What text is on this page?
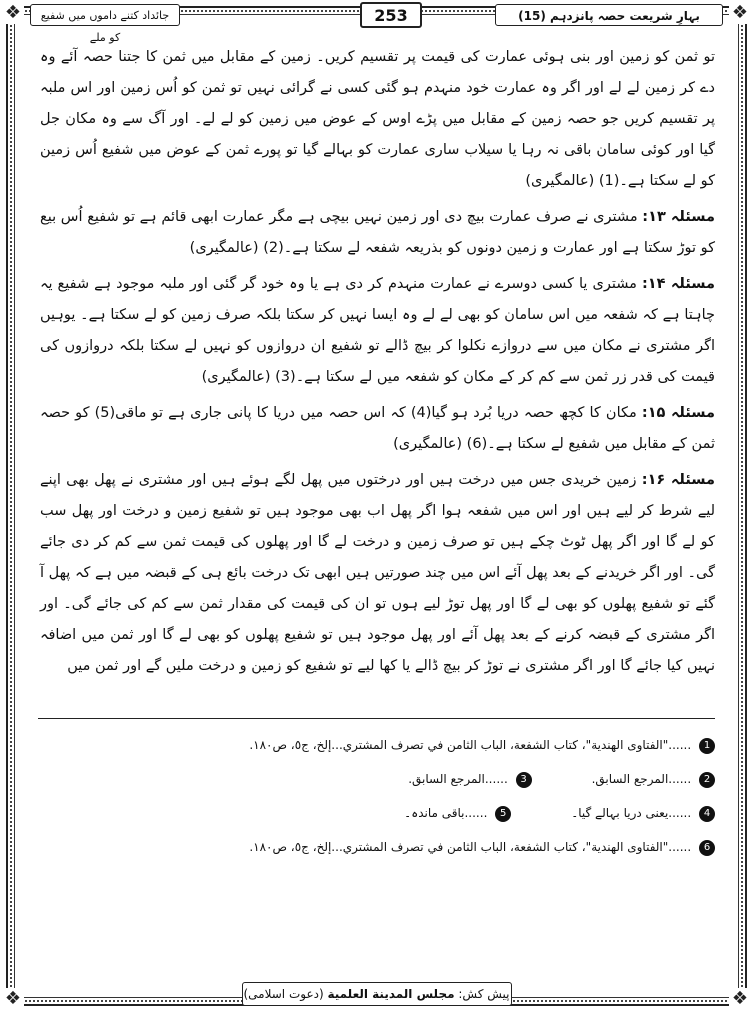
❖	❖
❖	❖
بہارِ شریعت حصہ پانزدہم (15)
253
جائداد کتنے داموں میں شفیع کو ملے

تو ثمن کو زمین اور بنی ہوئی عمارت کی قیمت پر تقسیم کریں۔ زمین کے مقابل میں ثمن کا جتنا حصہ آئے وہ دے کر زمین لے لے اور اگر وہ عمارت خود منہدم ہو گئی کسی نے گرائی نہیں تو ثمن کو اُس زمین اور اس ملبہ پر تقسیم کریں جو حصہ زمین کے مقابل میں پڑے اوس کے عوض میں زمین کو لے لے۔ اور آگ سے وہ مکان جل گیا اور کوئی سامان باقی نہ رہا یا سیلاب ساری عمارت کو بہالے گیا تو پورے ثمن کے عوض میں شفیع اُس زمین کو لے سکتا ہے۔(1) (عالمگیری)

مسئلہ ۱۳: مشتری نے صرف عمارت بیچ دی اور زمین نہیں بیچی ہے مگر عمارت ابھی قائم ہے تو شفیع اُس بیع کو توڑ سکتا ہے اور عمارت و زمین دونوں کو بذریعہ شفعہ لے سکتا ہے۔(2) (عالمگیری)

مسئلہ ۱۴: مشتری یا کسی دوسرے نے عمارت منہدم کر دی ہے یا وہ خود گر گئی اور ملبہ موجود ہے شفیع یہ چاہتا ہے کہ شفعہ میں اس سامان کو بھی لے لے وہ ایسا نہیں کر سکتا بلکہ صرف زمین کو لے سکتا ہے۔ یوہیں اگر مشتری نے مکان میں سے دروازے نکلوا کر بیچ ڈالے تو شفیع ان دروازوں کو نہیں لے سکتا بلکہ دروازوں کی قیمت کی قدر زر ثمن سے کم کر کے مکان کو شفعہ میں لے سکتا ہے۔(3) (عالمگیری)

مسئلہ ۱۵: مکان کا کچھ حصہ دریا بُرد ہو گیا(4) کہ اس حصہ میں دریا کا پانی جاری ہے تو ماقی(5) کو حصہ ثمن کے مقابل میں شفیع لے سکتا ہے۔(6) (عالمگیری)

مسئلہ ۱۶: زمین خریدی جس میں درخت ہیں اور درختوں میں پھل لگے ہوئے ہیں اور مشتری نے پھل بھی اپنے لیے شرط کر لیے ہیں اور اس میں شفعہ ہوا اگر پھل اب بھی موجود ہیں تو شفیع زمین و درخت اور پھل سب کو لے گا اور اگر پھل ٹوٹ چکے ہیں تو صرف زمین و درخت لے گا اور پھلوں کی قیمت ثمن سے کم کر دی جائے گی۔ اور اگر خریدنے کے بعد پھل آئے اس میں چند صورتیں ہیں ابھی تک درخت بائع ہی کے قبضہ میں ہے کہ پھل آ گئے تو شفیع پھلوں کو بھی لے گا اور پھل توڑ لیے ہوں تو ان کی قیمت کی مقدار ثمن سے کم کی جائے گی۔ اور اگر مشتری کے قبضہ کرنے کے بعد پھل آئے اور پھل موجود ہیں تو شفیع پھلوں کو بھی لے گا اور ثمن میں اضافہ نہیں کیا جائے گا اور اگر مشتری نے توڑ کر بیچ ڈالے یا کھا لیے تو شفیع کو زمین و درخت ملیں گے اور ثمن میں

1 ......"الفتاوی الهندية"، كتاب الشفعة، الباب الثامن في تصرف المشتري...إلخ، ج٥، ص١٨٠.
2 ......المرجع السابق.
3 ......المرجع السابق.
4 ......یعنی دریا بہالے گیا۔
5 ......باقی ماندہ۔
6 ......"الفتاوی الهندية"، كتاب الشفعة، الباب الثامن في تصرف المشتري...إلخ، ج٥، ص١٨٠.
پیش کش: مجلس المدينة العلمية (دعوت اسلامی)
